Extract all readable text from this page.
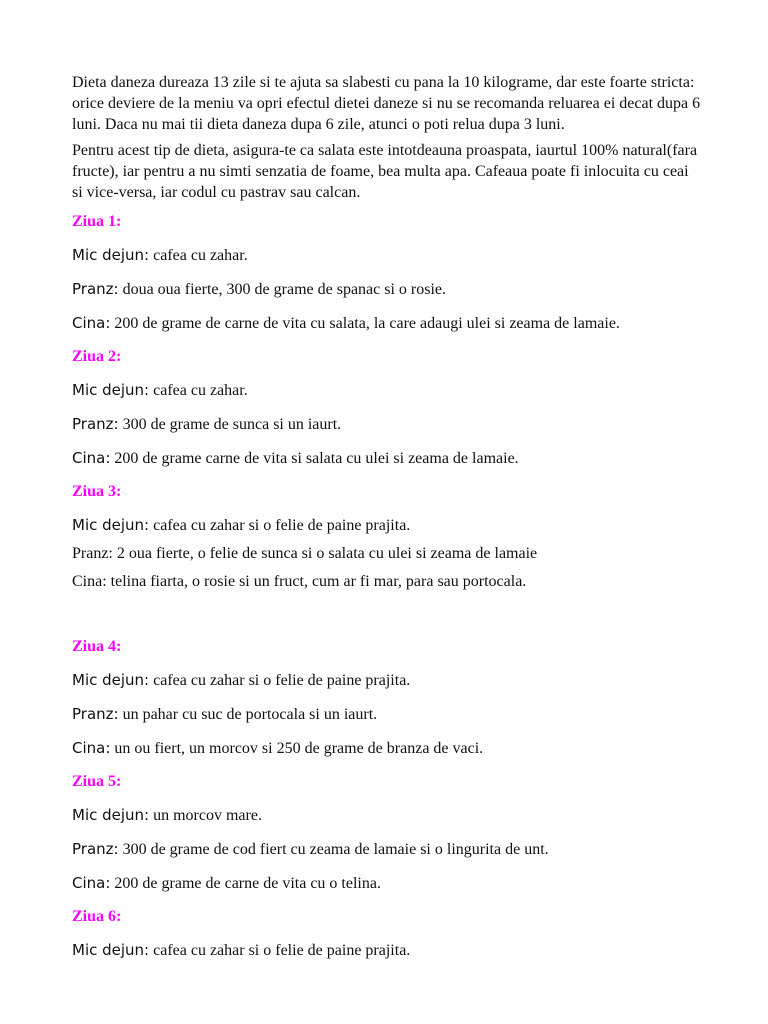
Dieta daneza dureaza 13 zile si te ajuta sa slabesti cu pana la 10 kilograme, dar este foarte stricta: orice deviere de la meniu va opri efectul dietei daneze si nu se recomanda reluarea ei decat dupa 6 luni. Daca nu mai tii dieta daneza dupa 6 zile, atunci o poti relua dupa 3 luni.

Pentru acest tip de dieta, asigura-te ca salata este intotdeauna proaspata, iaurtul 100% natural(fara fructe), iar pentru a nu simti senzatia de foame, bea multa apa. Cafeaua poate fi inlocuita cu ceai si vice-versa, iar codul cu pastrav sau calcan.

Ziua 1:
Mic dejun: cafea cu zahar.
Pranz: doua oua fierte, 300 de grame de spanac si o rosie.
Cina: 200 de grame de carne de vita cu salata, la care adaugi ulei si zeama de lamaie.
Ziua 2:
Mic dejun: cafea cu zahar.
Pranz: 300 de grame de sunca si un iaurt.
Cina: 200 de grame carne de vita si salata cu ulei si zeama de lamaie.
Ziua 3:
Mic dejun: cafea cu zahar si o felie de paine prajita.
Pranz: 2 oua fierte, o felie de sunca si o salata cu ulei si zeama de lamaie
Cina: telina fiarta, o rosie si un fruct, cum ar fi mar, para sau portocala.
Ziua 4:
Mic dejun: cafea cu zahar si o felie de paine prajita.
Pranz: un pahar cu suc de portocala si un iaurt.
Cina: un ou fiert, un morcov si 250 de grame de branza de vaci.
Ziua 5:
Mic dejun: un morcov mare.
Pranz: 300 de grame de cod fiert cu zeama de lamaie si o lingurita de unt.
Cina: 200 de grame de carne de vita cu o telina.
Ziua 6:
Mic dejun: cafea cu zahar si o felie de paine prajita.
